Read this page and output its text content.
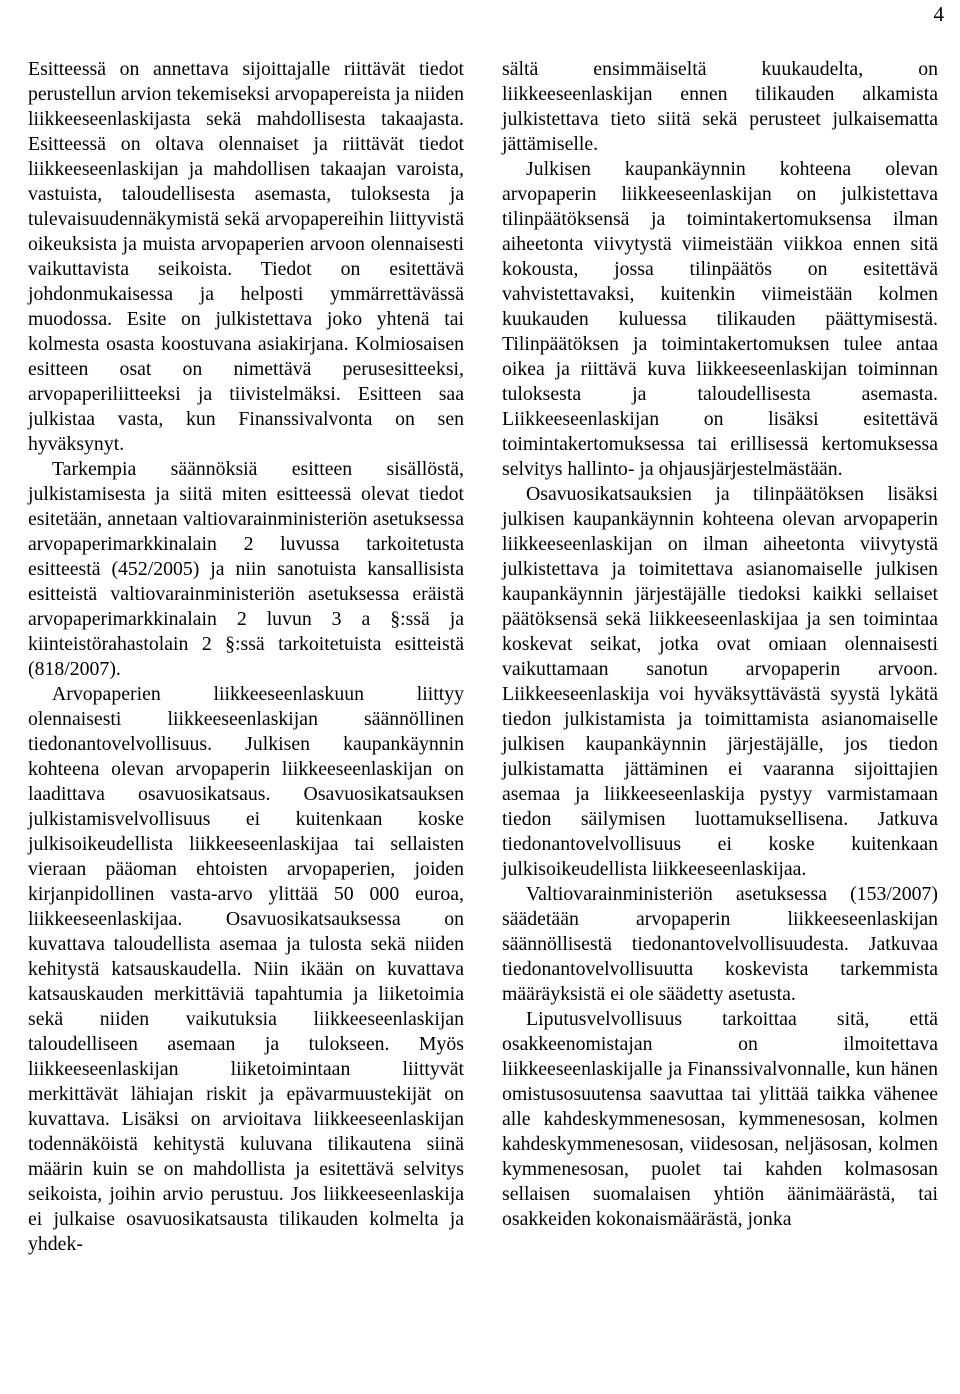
4

Esitteessä on annettava sijoittajalle riittävät tiedot perustellun arvion tekemiseksi arvopapereista ja niiden liikkeeseenlaskijasta sekä mahdollisesta takaajasta. Esitteessä on oltava olennaiset ja riittävät tiedot liikkeeseenlaskijan ja mahdollisen takaajan varoista, vastuista, taloudellisesta asemasta, tuloksesta ja tulevaisuudennäkymistä sekä arvopapereihin liittyvistä oikeuksista ja muista arvopaperien arvoon olennaisesti vaikuttavista seikoista. Tiedot on esitettävä johdonmukaisessa ja helposti ymmärrettävässä muodossa. Esite on julkistettava joko yhtenä tai kolmesta osasta koostuvana asiakirjana. Kolmiosaisen esitteen osat on nimettävä perusesitteeksi, arvopaperiliitteeksi ja tiivistelmäksi. Esitteen saa julkistaa vasta, kun Finanssivalvonta on sen hyväksynyt.

Tarkempia säännöksiä esitteen sisällöstä, julkistamisesta ja siitä miten esitteessä olevat tiedot esitetään, annetaan valtiovarainministeriön asetuksessa arvopaperimarkkinalain 2 luvussa tarkoitetusta esitteestä (452/2005) ja niin sanotuista kansallisista esitteistä valtiovarainministeriön asetuksessa eräistä arvopaperimarkkinalain 2 luvun 3 a §:ssä ja kiinteistörahastolain 2 §:ssä tarkoitetuista esitteistä (818/2007).

Arvopaperien liikkeeseenlaskuun liittyy olennaisesti liikkeeseenlaskijan säännöllinen tiedonantovelvollisuus. Julkisen kaupankäynnin kohteena olevan arvopaperin liikkeeseenlaskijan on laadittava osavuosikatsaus. Osavuosikatsauksen julkistamisvelvollisuus ei kuitenkaan koske julkisoikeudellista liikkeeseenlaskijaa tai sellaisten vieraan pääoman ehtoisten arvopaperien, joiden kirjanpidollinen vasta-arvo ylittää 50 000 euroa, liikkeeseenlaskijaa. Osavuosikatsauksessa on kuvattava taloudellista asemaa ja tulosta sekä niiden kehitystä katsauskaudella. Niin ikään on kuvattava katsauskauden merkittäviä tapahtumia ja liiketoimia sekä niiden vaikutuksia liikkeeseenlaskijan taloudelliseen asemaan ja tulokseen. Myös liikkeeseenlaskijan liiketoimintaan liittyvät merkittävät lähiajan riskit ja epävarmuustekijät on kuvattava. Lisäksi on arvioitava liikkeeseenlaskijan todennäköistä kehitystä kuluvana tilikautena siinä määrin kuin se on mahdollista ja esitettävä selvitys seikoista, joihin arvio perustuu. Jos liikkeeseenlaskija ei julkaise osavuosikatsausta tilikauden kolmelta ja yhdek-

sältä ensimmäiseltä kuukaudelta, on liikkeeseenlaskijan ennen tilikauden alkamista julkistettava tieto siitä sekä perusteet julkaisematta jättämiselle.

Julkisen kaupankäynnin kohteena olevan arvopaperin liikkeeseenlaskijan on julkistettava tilinpäätöksensä ja toimintakertomuksensa ilman aiheetonta viivytystä viimeistään viikkoa ennen sitä kokousta, jossa tilinpäätös on esitettävä vahvistettavaksi, kuitenkin viimeistään kolmen kuukauden kuluessa tilikauden päättymisestä. Tilinpäätöksen ja toimintakertomuksen tulee antaa oikea ja riittävä kuva liikkeeseenlaskijan toiminnan tuloksesta ja taloudellisesta asemasta. Liikkeeseenlaskijan on lisäksi esitettävä toimintakertomuksessa tai erillisessä kertomuksessa selvitys hallinto- ja ohjausjärjestelmästään.

Osavuosikatsauksien ja tilinpäätöksen lisäksi julkisen kaupankäynnin kohteena olevan arvopaperin liikkeeseenlaskijan on ilman aiheetonta viivytystä julkistettava ja toimitettava asianomaiselle julkisen kaupankäynnin järjestäjälle tiedoksi kaikki sellaiset päätöksensä sekä liikkeeseenlaskijaa ja sen toimintaa koskevat seikat, jotka ovat omiaan olennaisesti vaikuttamaan sanotun arvopaperin arvoon. Liikkeeseenlaskija voi hyväksyttävästä syystä lykätä tiedon julkistamista ja toimittamista asianomaiselle julkisen kaupankäynnin järjestäjälle, jos tiedon julkistamatta jättäminen ei vaaranna sijoittajien asemaa ja liikkeeseenlaskija pystyy varmistamaan tiedon säilymisen luottamuksellisena. Jatkuva tiedonantovelvollisuus ei koske kuitenkaan julkisoikeudellista liikkeeseenlaskijaa.

Valtiovarainministeriön asetuksessa (153/2007) säädetään arvopaperin liikkeeseenlaskijan säännöllisestä tiedonantovelvollisuudesta. Jatkuvaa tiedonantovelvollisuutta koskevista tarkemmista määräyksistä ei ole säädetty asetusta.

Liputusvelvollisuus tarkoittaa sitä, että osakkeenomistajan on ilmoitettava liikkeeseenlaskijalle ja Finanssivalvonnalle, kun hänen omistusosuutensa saavuttaa tai ylittää taikka vähenee alle kahdeskymmenesosan, kymmenesosan, kolmen kahdeskymmenesosan, viidesosan, neljäsosan, kolmen kymmenesosan, puolet tai kahden kolmasosan sellaisen suomalaisen yhtiön äänimäärästä, tai osakkeiden kokonaismäärästä, jonka
